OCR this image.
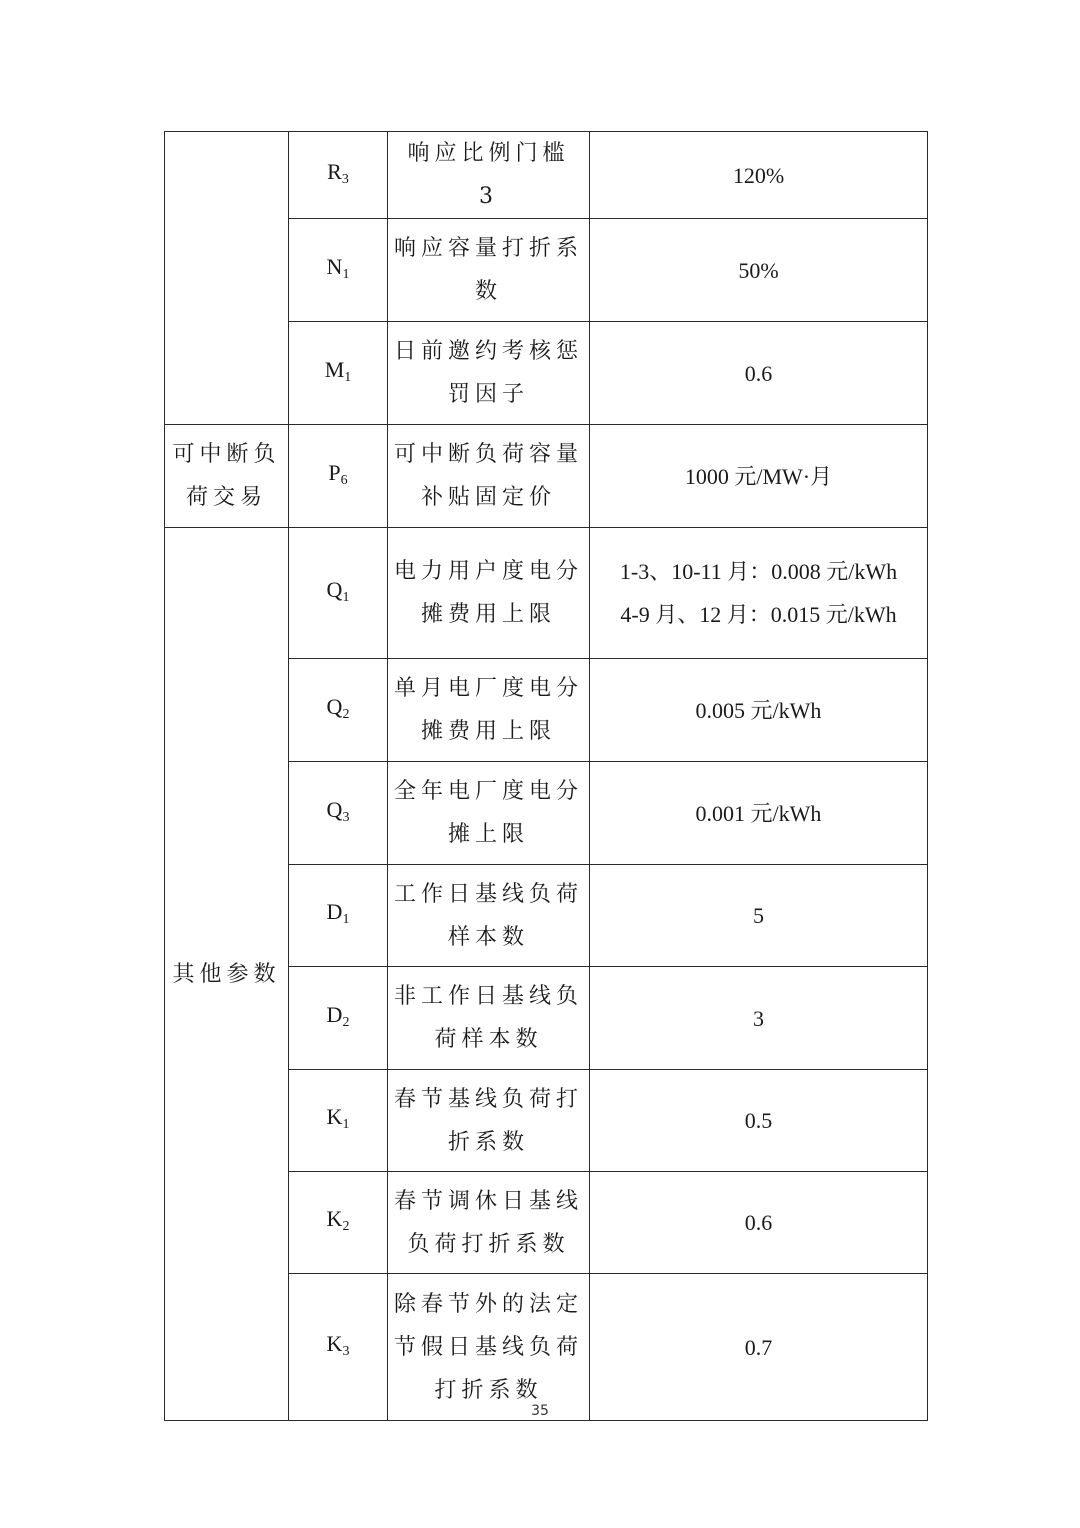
	R3	响应比例门槛 3	120%

	N1	响应容量打折系
数	50%

	M1	日前邀约考核惩
罚因子	0.6

可中断负
荷交易	P6	可中断负荷容量
补贴固定价	1000 元/MW·月

其他参数	Q1	电力用户度电分
摊费用上限	1-3、10-11 月：0.008 元/kWh
4-9 月、12 月：0.015 元/kWh

	Q2	单月电厂度电分
摊费用上限	0.005 元/kWh

	Q3	全年电厂度电分
摊上限	0.001 元/kWh

	D1	工作日基线负荷
样本数	5

	D2	非工作日基线负
荷样本数	3

	K1	春节基线负荷打
折系数	0.5

	K2	春节调休日基线
负荷打折系数	0.6

	K3	除春节外的法定
节假日基线负荷
打折系数	0.7
35
